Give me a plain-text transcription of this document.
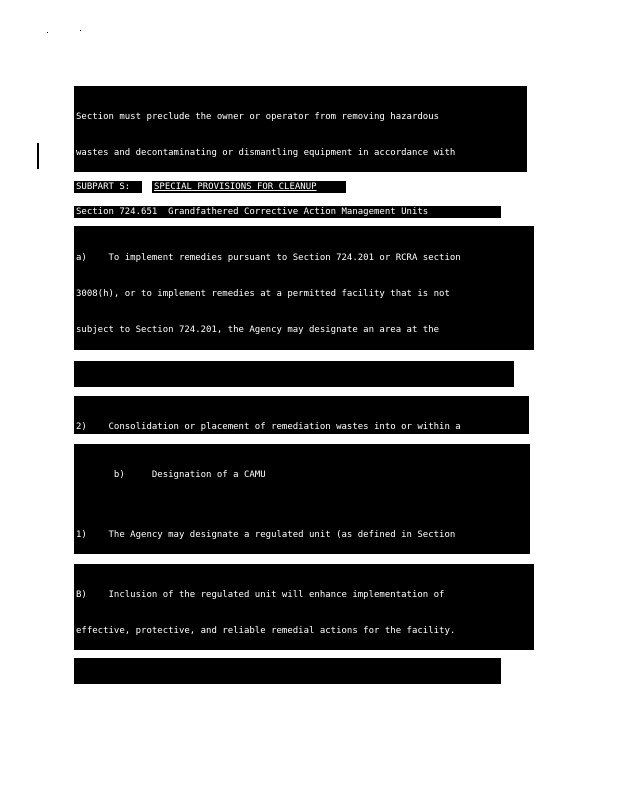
Section must preclude the owner or operator from removing hazardous

wastes and decontaminating or dismantling equipment in accordance with

SUBPART S:	SPECIAL PROVISIONS FOR CLEANUP
Section 724.651  Grandfathered Corrective Action Management Units

a)    To implement remedies pursuant to Section 724.201 or RCRA section

3008(h), or to implement remedies at a permitted facility that is not

subject to Section 724.201, the Agency may designate an area at the

2)    Consolidation or placement of remediation wastes into or within a

b)     Designation of a CAMU

1)    The Agency may designate a regulated unit (as defined in Section

B)    Inclusion of the regulated unit will enhance implementation of

effective, protective, and reliable remedial actions for the facility.
